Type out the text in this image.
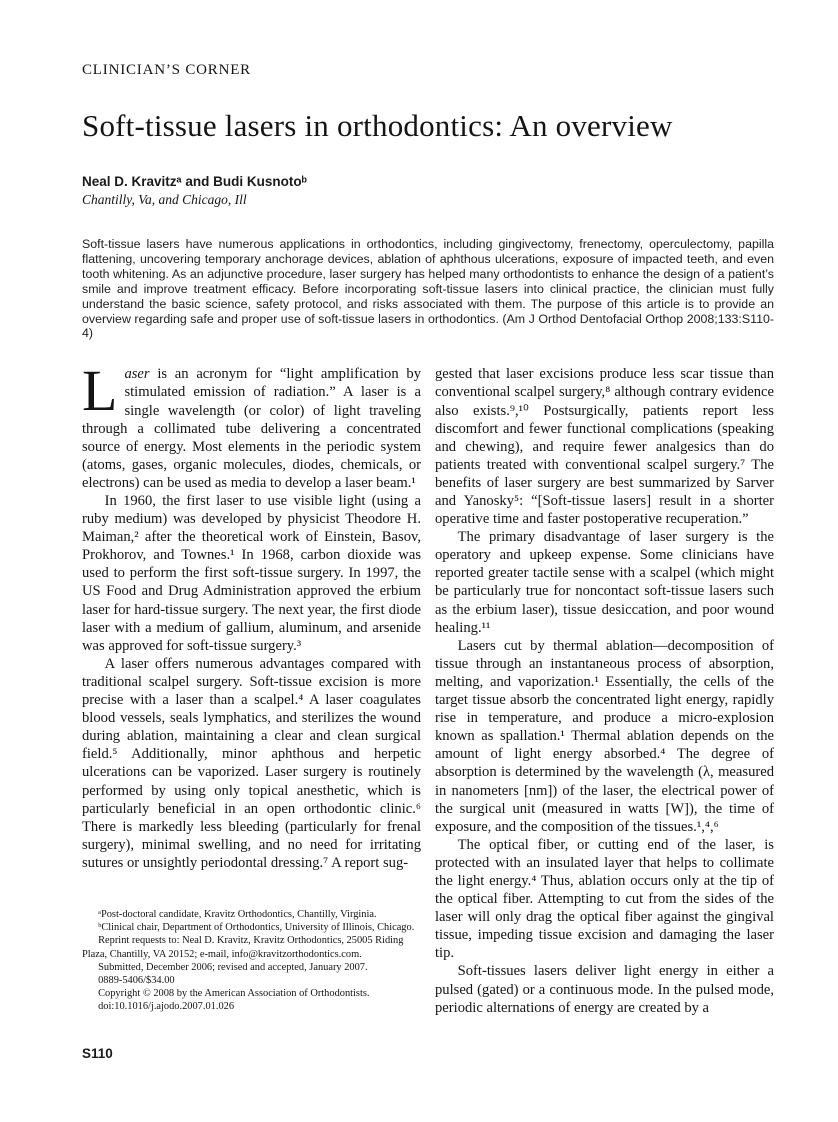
CLINICIAN’S CORNER
Soft-tissue lasers in orthodontics: An overview
Neal D. Kravitzᵃ and Budi Kusnotoᵇ
Chantilly, Va, and Chicago, Ill
Soft-tissue lasers have numerous applications in orthodontics, including gingivectomy, frenectomy, operculectomy, papilla flattening, uncovering temporary anchorage devices, ablation of aphthous ulcerations, exposure of impacted teeth, and even tooth whitening. As an adjunctive procedure, laser surgery has helped many orthodontists to enhance the design of a patient’s smile and improve treatment efficacy. Before incorporating soft-tissue lasers into clinical practice, the clinician must fully understand the basic science, safety protocol, and risks associated with them. The purpose of this article is to provide an overview regarding safe and proper use of soft-tissue lasers in orthodontics. (Am J Orthod Dentofacial Orthop 2008;133:S110-4)

Laser is an acronym for “light amplification by stimulated emission of radiation.” A laser is a single wavelength (or color) of light traveling through a collimated tube delivering a concentrated source of energy. Most elements in the periodic system (atoms, gases, organic molecules, diodes, chemicals, or electrons) can be used as media to develop a laser beam.¹

In 1960, the first laser to use visible light (using a ruby medium) was developed by physicist Theodore H. Maiman,² after the theoretical work of Einstein, Basov, Prokhorov, and Townes.¹ In 1968, carbon dioxide was used to perform the first soft-tissue surgery. In 1997, the US Food and Drug Administration approved the erbium laser for hard-tissue surgery. The next year, the first diode laser with a medium of gallium, aluminum, and arsenide was approved for soft-tissue surgery.³

A laser offers numerous advantages compared with traditional scalpel surgery. Soft-tissue excision is more precise with a laser than a scalpel.⁴ A laser coagulates blood vessels, seals lymphatics, and sterilizes the wound during ablation, maintaining a clear and clean surgical field.⁵ Additionally, minor aphthous and herpetic ulcerations can be vaporized. Laser surgery is routinely performed by using only topical anesthetic, which is particularly beneficial in an open orthodontic clinic.⁶ There is markedly less bleeding (particularly for frenal surgery), minimal swelling, and no need for irritating sutures or unsightly periodontal dressing.⁷ A report sug-

ᵃPost-doctoral candidate, Kravitz Orthodontics, Chantilly, Virginia.

ᵇClinical chair, Department of Orthodontics, University of Illinois, Chicago.

Reprint requests to: Neal D. Kravitz, Kravitz Orthodontics, 25005 Riding Plaza, Chantilly, VA 20152; e-mail, info@kravitzorthodontics.com.

Submitted, December 2006; revised and accepted, January 2007.

0889-5406/$34.00

Copyright © 2008 by the American Association of Orthodontists.

doi:10.1016/j.ajodo.2007.01.026

gested that laser excisions produce less scar tissue than conventional scalpel surgery,⁸ although contrary evidence also exists.⁹,¹⁰ Postsurgically, patients report less discomfort and fewer functional complications (speaking and chewing), and require fewer analgesics than do patients treated with conventional scalpel surgery.⁷ The benefits of laser surgery are best summarized by Sarver and Yanosky⁵: “[Soft-tissue lasers] result in a shorter operative time and faster postoperative recuperation.”

The primary disadvantage of laser surgery is the operatory and upkeep expense. Some clinicians have reported greater tactile sense with a scalpel (which might be particularly true for noncontact soft-tissue lasers such as the erbium laser), tissue desiccation, and poor wound healing.¹¹

Lasers cut by thermal ablation—decomposition of tissue through an instantaneous process of absorption, melting, and vaporization.¹ Essentially, the cells of the target tissue absorb the concentrated light energy, rapidly rise in temperature, and produce a micro-explosion known as spallation.¹ Thermal ablation depends on the amount of light energy absorbed.⁴ The degree of absorption is determined by the wavelength (λ, measured in nanometers [nm]) of the laser, the electrical power of the surgical unit (measured in watts [W]), the time of exposure, and the composition of the tissues.¹,⁴,⁶

The optical fiber, or cutting end of the laser, is protected with an insulated layer that helps to collimate the light energy.⁴ Thus, ablation occurs only at the tip of the optical fiber. Attempting to cut from the sides of the laser will only drag the optical fiber against the gingival tissue, impeding tissue excision and damaging the laser tip.

Soft-tissues lasers deliver light energy in either a pulsed (gated) or a continuous mode. In the pulsed mode, periodic alternations of energy are created by a

S110
